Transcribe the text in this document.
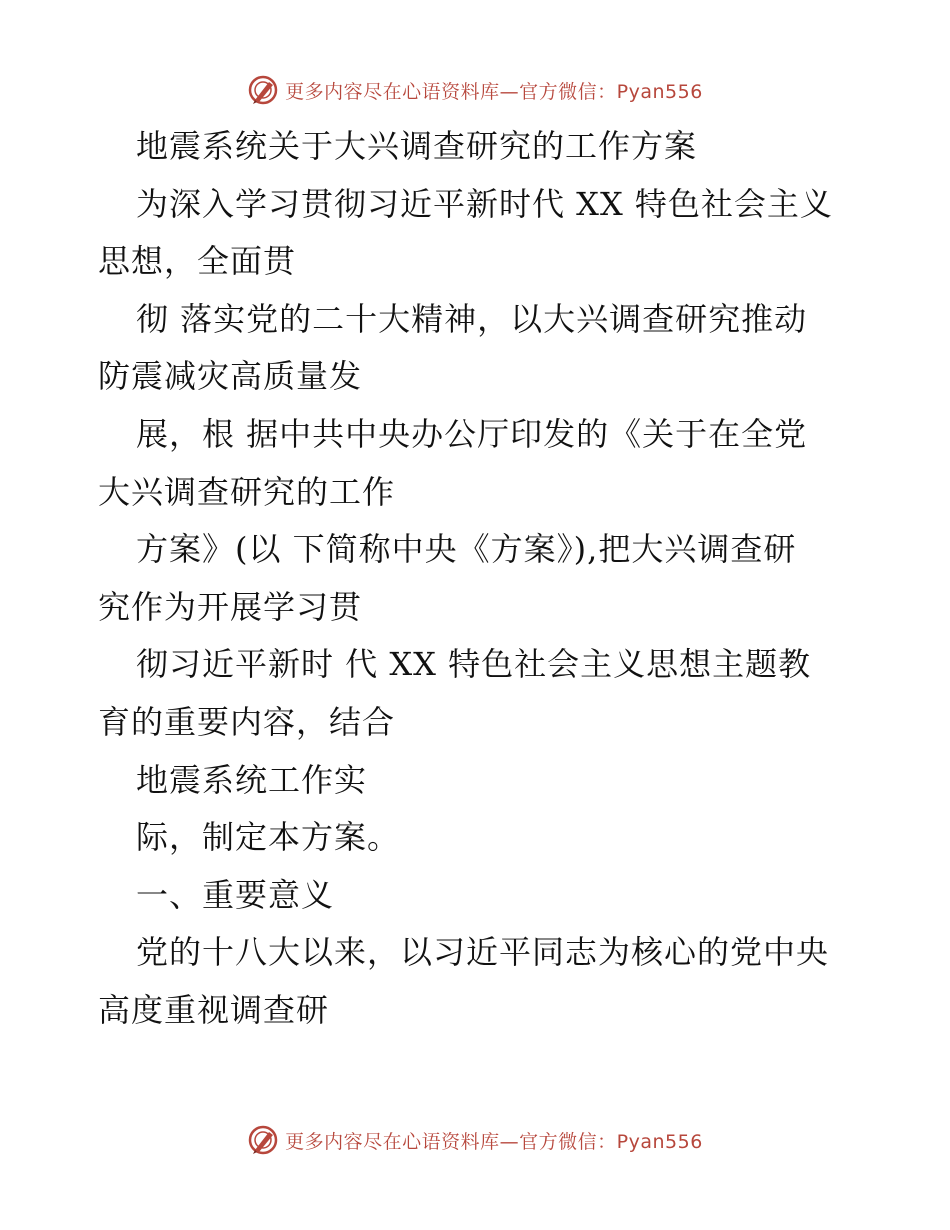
更多内容尽在心语资料库—官方微信：Pyan556
地震系统关于大兴调查研究的工作方案
为深入学习贯彻习近平新时代 XX 特色社会主义
思想，全面贯
彻 落实党的二十大精神，以大兴调查研究推动
防震减灾高质量发
展，根 据中共中央办公厅印发的《关于在全党
大兴调查研究的工作
方案》(以 下简称中央《方案》),把大兴调查研
究作为开展学习贯
彻习近平新时 代 XX 特色社会主义思想主题教
育的重要内容，结合
地震系统工作实
际，制定本方案。
一、重要意义
党的十八大以来，以习近平同志为核心的党中央
高度重视调查研
更多内容尽在心语资料库—官方微信：Pyan556
